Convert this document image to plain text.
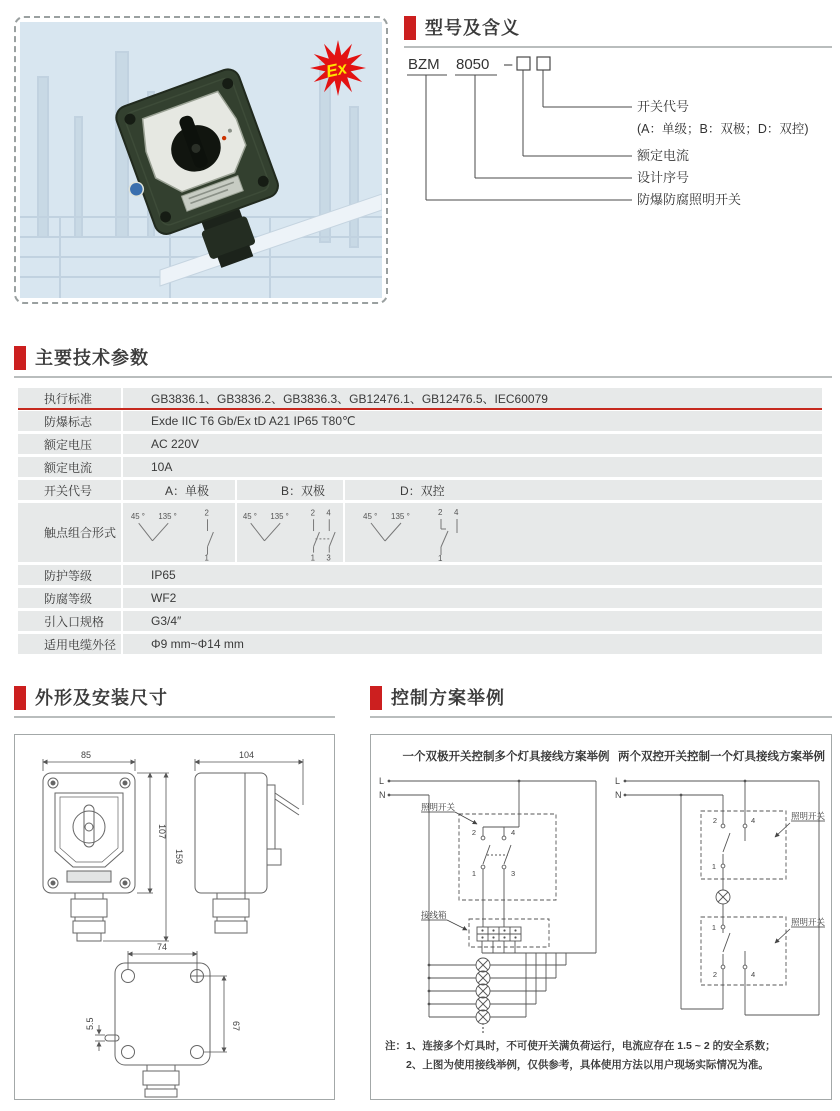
Ex
型号及含义
BZM 8050 –
开关代号
(A：单级；B：双极；D：双控)
额定电流
设计序号
防爆防腐照明开关
主要技术参数
执行标准	GB3836.1、GB3836.2、GB3836.3、GB12476.1、GB12476.5、IEC60079
防爆标志	Exde IIC T6 Gb/Ex tD A21 IP65 T80℃
额定电压	AC 220V
额定电流	10A
开关代号	A：单极	B：双极	D：双控
触点组合形式
45 ° 135 °	2
1
45 ° 135 °	2 4
1 3
45 ° 135 °	2 4
1
防护等级	IP65
防腐等级	WF2
引入口规格	G3/4″
适用电缆外径	Φ9 mm~Φ14 mm
外形及安装尺寸
85
107
159
104
74
67
5.5
控制方案举例
一个双极开关控制多个灯具接线方案举例 两个双控开关控制一个灯具接线方案举例
L
N
2	4
1	3
照明开关
接线箱
L
N
2	4
1
1
2	4
照明开关
照明开关
注： 1、连接多个灯具时，不可使开关满负荷运行，电流应存在 1.5 ~ 2 的安全系数；
2、上图为使用接线举例，仅供参考，具体使用方法以用户现场实际情况为准。
